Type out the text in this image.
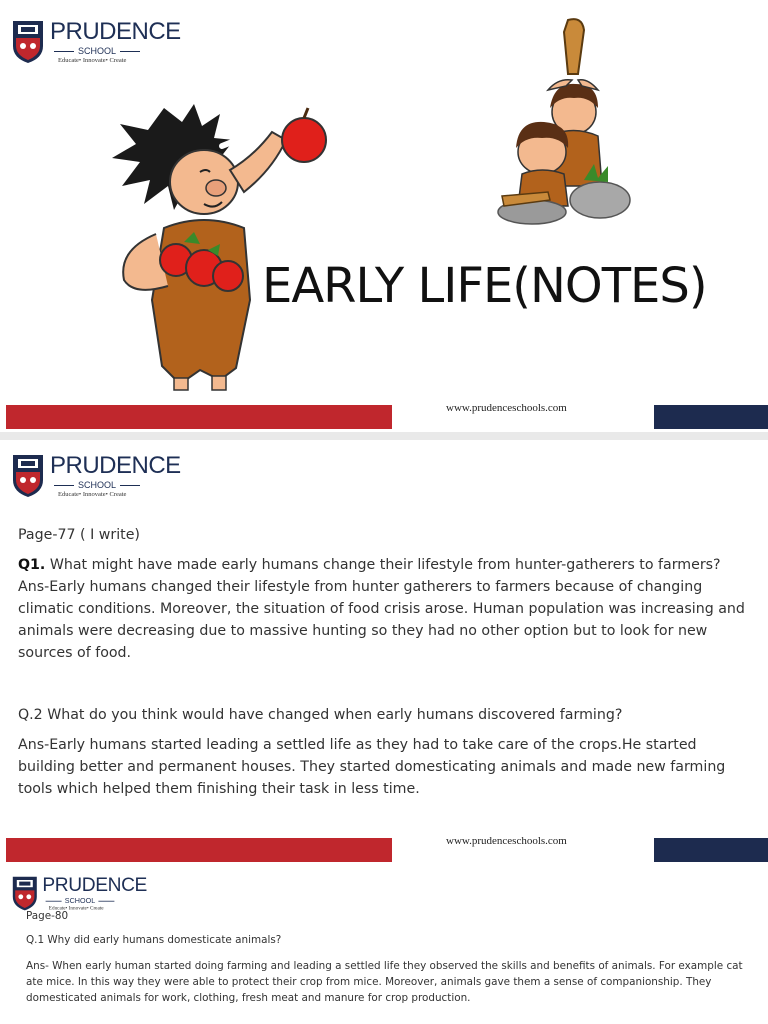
PRUDENCE
SCHOOL
Educate• Innovate• Create
EARLY LIFE(NOTES)
www.prudenceschools.com
PRUDENCE
SCHOOL
Educate• Innovate• Create
Page-77 ( I write)
Q1. What might have made early humans change their lifestyle from hunter-gatherers to farmers?
Ans-Early humans changed their lifestyle from hunter gatherers to farmers because of changing climatic conditions. Moreover, the situation of food crisis arose. Human population was increasing and animals were decreasing due to massive hunting so they had no other option but to look for new sources of food.
Q.2 What do you think would have changed when early humans discovered farming?
Ans-Early humans started leading a settled life as they had to take care of the crops.He started building better and permanent houses. They started domesticating animals and made new farming tools which helped them finishing their task in less time.
www.prudenceschools.com
PRUDENCE
SCHOOL
Educate• Innovate• Create
Page-80
Q.1 Why did early humans domesticate animals?
Ans- When early human started doing farming and leading a settled life they observed the skills and benefits of animals. For example cat ate mice. In this way they were able to protect their crop from mice. Moreover, animals gave them a sense of companionship. They domesticated animals for work, clothing, fresh meat and manure for crop production.
